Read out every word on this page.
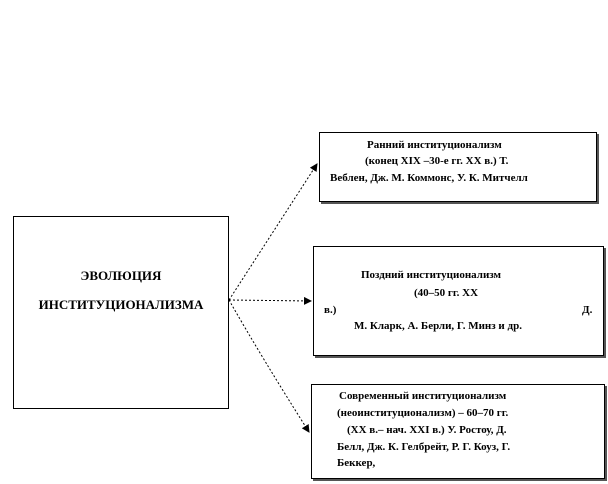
ЭВОЛЮЦИЯ
ИНСТИТУЦИОНАЛИЗМА
Ранний институционализм
(конец XIX –30-е гг. XX в.) Т.
Веблен, Дж. М. Коммонс, У. К. Митчелл
Поздний институционализм
(40–50 гг. XX
в.)	Д.
М. Кларк, А. Берли, Г. Минз и др.
Современный институционализм
(неоинституционализм) – 60–70 гг.
(XX в.– нач. XXI в.) У. Ростоу, Д.
Белл, Дж. К. Гелбрейт, Р. Г. Коуз, Г.
Беккер,
